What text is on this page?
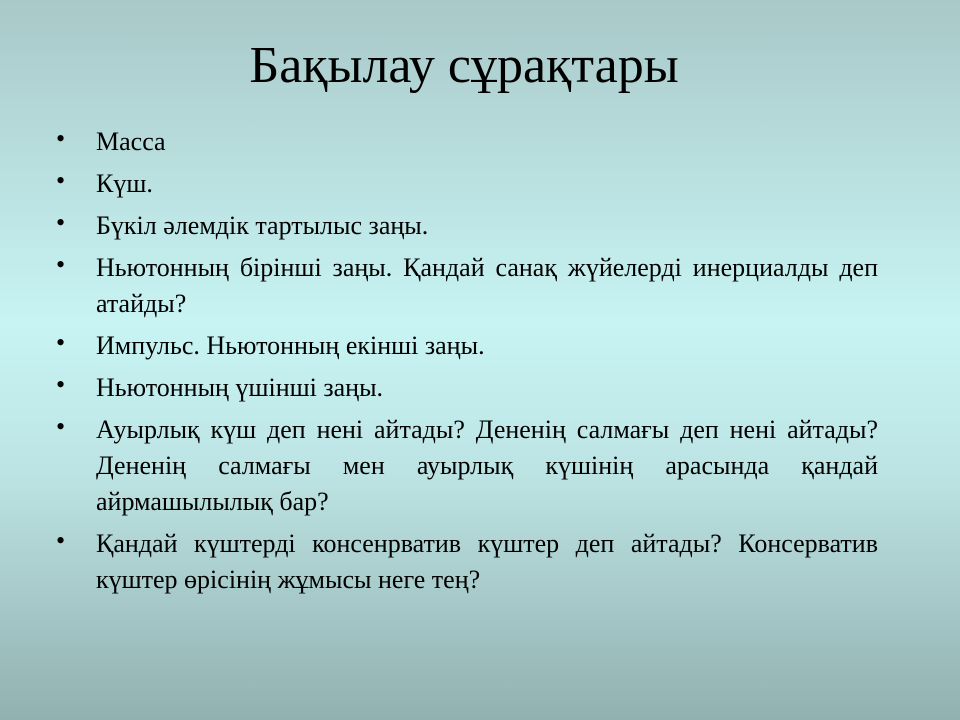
Бақылау сұрақтары
• Масса
• Күш.
• Бүкіл әлемдік тартылыс заңы.
• Ньютонның бірінші заңы. Қандай санақ жүйелерді инерциалды деп атайды?
• Импульс. Ньютонның екінші заңы.
• Ньютонның үшінші заңы.
• Ауырлық күш деп нені айтады? Дененің салмағы деп нені айтады? Дененің салмағы мен ауырлық күшінің арасында қандай айрмашылылық бар?
• Қандай күштерді консенрватив күштер деп айтады? Консерватив күштер өрісінің жұмысы неге тең?
